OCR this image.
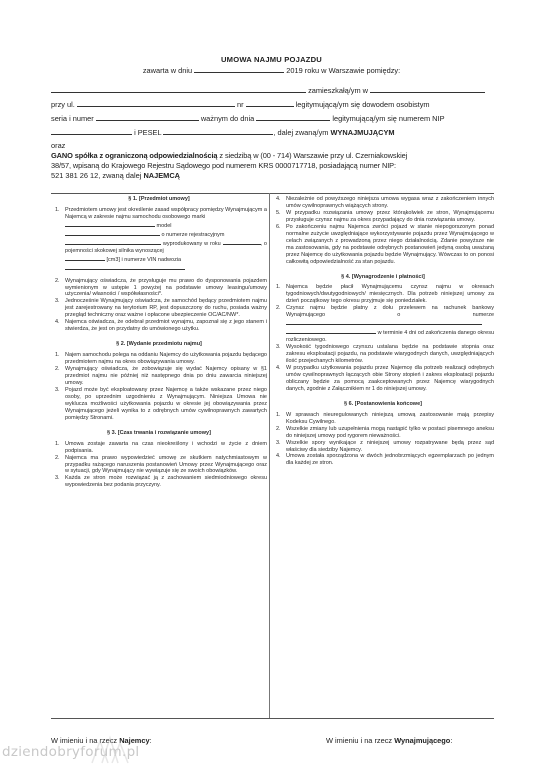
UMOWA NAJMU POJAZDU
zawarta w dniu	2019 roku w Warszawie pomiędzy:
zamieszkałą/ym w
przy ul.	nr	legitymującą/ym się dowodem osobistym
seria i numer	ważnym do dnia	legitymującą/ym się numerem NIP
i PESEL	, dalej zwaną/ym WYNAJMUJĄCYM
oraz
GANO spółka z ograniczoną odpowiedzialnością z siedzibą w (00 - 714) Warszawie przy ul. Czerniakowskiej
38/57, wpisaną do Krajowego Rejestru Sądowego pod numerem KRS 0000717718, posiadającą numer NIP:
521 381 26 12, zwaną dalej NAJEMCĄ
§ 1. [Przedmiot umowy]
1. Przedmiotem umowy jest określenie zasad współpracy pomiędzy Wynajmującym a Najemcą w zakresie najmu samochodu osobowego marki
model
o numerze rejestracyjnym
wyprodukowany w roku	, o pojemności skokowej silnika wynoszącej
[cm3] i numerze VIN nadwozia

2. Wynajmujący oświadcza, że przysługuje mu prawo do dysponowania pojazdem wymienionym w ustępie 1 powyżej na podstawie umowy leasingu/umowy użyczenia/ własności / współwłasności*.
3. Jednocześnie Wynajmujący oświadcza, że samochód będący przedmiotem najmu jest zarejestrowany na terytorium RP, jest dopuszczony do ruchu, posiada ważny przegląd techniczny oraz ważne i opłacone ubezpieczenie OC/AC/NW*.
4. Najemca oświadcza, że odebrał przedmiot wynajmu, zapoznał się z jego stanem i stwierdza, że jest on przydatny do umówionego użytku.
§ 2. [Wydanie przedmiotu najmu]
1. Najem samochodu polega na oddaniu Najemcy do użytkowania pojazdu będącego przedmiotem najmu na okres obowiązywania umowy.
2. Wynajmujący oświadcza, że zobowiązuje się wydać Najemcy opisany w §1 przedmiot najmu nie później niż następnego dnia po dniu zawarcia niniejszej umowy.
3. Pojazd może być eksploatowany przez Najemcę a także wskazane przez niego osoby, po uprzednim uzgodnieniu z Wynajmującym. Niniejsza Umowa nie wyklucza możliwości użytkowania pojazdu w okresie jej obowiązywania przez Wynajmującego jeżeli wynika to z odrębnych umów cywilnoprawnych zawartych pomiędzy Stronami.
§ 3. [Czas trwania i rozwiązanie umowy]
1. Umowa zostaje zawarta na czas nieokreślony i wchodzi w życie z dniem podpisania.
2. Najemca ma prawo wypowiedzieć umowę ze skutkiem natychmiastowym w przypadku rażącego naruszenia postanowień Umowy przez Wynajmującego oraz w sytuacji, gdy Wynajmujący nie wywiązuje się ze swoich obowiązków.
3. Każda ze stron może rozwiązać ją z zachowaniem siedmiodniowego okresu wypowiedzenia bez podania przyczyny.
4. Niezależnie od powyższego niniejsza umowa wygasa wraz z zakończeniem innych umów cywilnoprawnych wiążących strony.
5. W przypadku rozwiązania umowy przez którąkolwiek ze stron, Wynajmującemu przysługuje czynsz najmu za okres przypadający do dnia rozwiązania umowy.
6. Po zakończeniu najmu Najemca zwróci pojazd w stanie niepogorszonym ponad normalne zużycie uwzględniające wykorzystywanie pojazdu przez Wynajmującego w celach związanych z prowadzoną przez niego działalnością. Zdanie powyższe nie ma zastosowania, gdy na podstawie odrębnych postanowień jedyną osobą uważaną przez Najemcę do użytkowania pojazdu będzie Wynajmujący. Wówczas to on ponosi całkowitą odpowiedzialność za stan pojazdu.
§ 4. [Wynagrodzenie i płatności]
1. Najemca będzie płacił Wynajmującemu czynsz najmu w okresach tygodniowych/dwutygodniowych/ miesięcznych. Dla potrzeb niniejszej umowy za dzień początkowy tego okresu przyjmuje się poniedziałek.
2. Czynsz najmu będzie płatny z dołu przelewem na rachunek bankowy Wynajmującego o numerze
w terminie 4 dni od zakończenia danego okresu rozliczeniowego.
3. Wysokość tygodniowego czynszu ustalana będzie na podstawie stopnia oraz zakresu eksploatacji pojazdu, na podstawie wiarygodnych danych, uwzględniających ilość przejechanych kilometrów.
4. W przypadku użytkowania pojazdu przez Najemcę dla potrzeb realizacji odrębnych umów cywilnoprawnych łączących obie Strony stopień i zakres eksploatacji pojazdu obliczany będzie za pomocą zaakceptowanych przez Najemcę wiarygodnych danych, zgodnie z Załącznikiem nr 1 do niniejszej umowy.
§ 6. [Postanowienia końcowe]
1. W sprawach nieuregulowanych niniejszą umową zastosowanie mają przepisy Kodeksu Cywilnego.
2. Wszelkie zmiany lub uzupełnienia mogą nastąpić tylko w postaci pisemnego aneksu do niniejszej umowy pod rygorem nieważności.
3. Wszelkie spory wynikające z niniejszej umowy rozpatrywane będą przez sąd właściwy dla siedziby Najemcy.
4. Umowa została sporządzona w dwóch jednobrzmiących egzemplarzach po jednym dla każdej ze stron.
W imieniu i na rzecz Najemcy:	W imieniu i na rzecz Wynajmującego:
dziendobryforum.pl
